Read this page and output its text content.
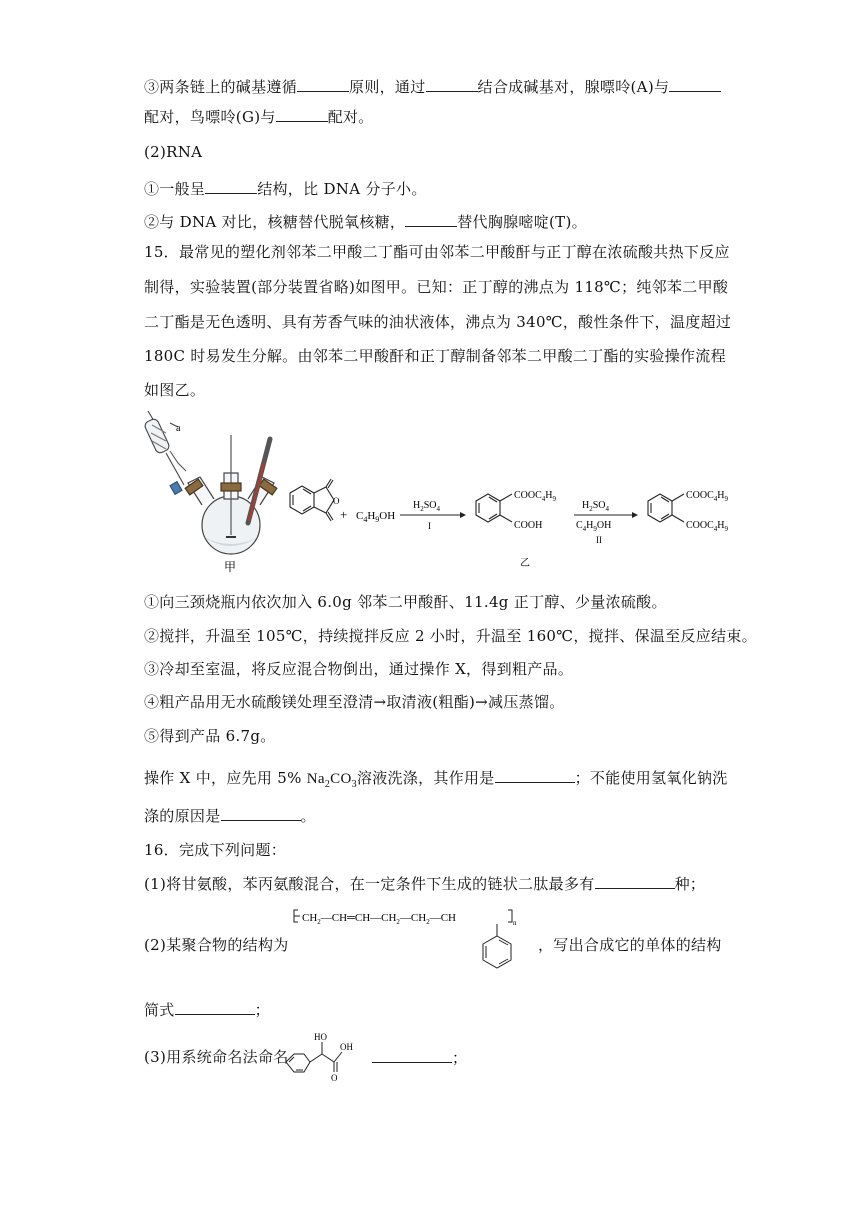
③两条链上的碱基遵循	原则，通过	结合成碱基对，腺嘌呤(A)与
配对，鸟嘌呤(G)与	配对。
(2)RNA
①一般呈	结构，比 DNA 分子小。
②与 DNA 对比，核糖替代脱氧核糖，	替代胸腺嘧啶(T)。
15．最常见的塑化剂邻苯二甲酸二丁酯可由邻苯二甲酸酐与正丁醇在浓硫酸共热下反应
制得，实验装置(部分装置省略)如图甲。已知：正丁醇的沸点为 118℃；纯邻苯二甲酸
二丁酯是无色透明、具有芳香气味的油状液体，沸点为 340℃，酸性条件下，温度超过
180C 时易发生分解。由邻苯二甲酸酐和正丁醇制备邻苯二甲酸二丁酯的实验操作流程
如图乙。
a
甲
O
+ $C_4H_9OH$
$H_2SO_4$
I
$COOC_4H_9$
COOH
乙
$H_2SO_4$
$C_4H_9OH$
II
$COOC_4H_9$
$COOC_4H_9$
①向三颈烧瓶内依次加入 6.0g 邻苯二甲酸酐、11.4g 正丁醇、少量浓硫酸。
②搅拌，升温至 105℃，持续搅拌反应 2 小时，升温至 160℃，搅拌、保温至反应结束。
③冷却至室温，将反应混合物倒出，通过操作 X，得到粗产品。
④粗产品用无水硫酸镁处理至澄清→取清液(粗酯)→减压蒸馏。
⑤得到产品 6.7g。
操作 X 中，应先用 5% $Na_2CO_3$溶液洗涤，其作用是	；不能使用氢氧化钠洗
涤的原因是	。
16．完成下列问题：
(1)将甘氨酸，苯丙氨酸混合，在一定条件下生成的链状二肽最多有	种；
$CH_2—CH═CH—CH_2—CH_2—CH$	n
(2)某聚合物的结构为	，写出合成它的单体的结构
简式	；
(3)用系统命名法命名
HO
OH
O
；
